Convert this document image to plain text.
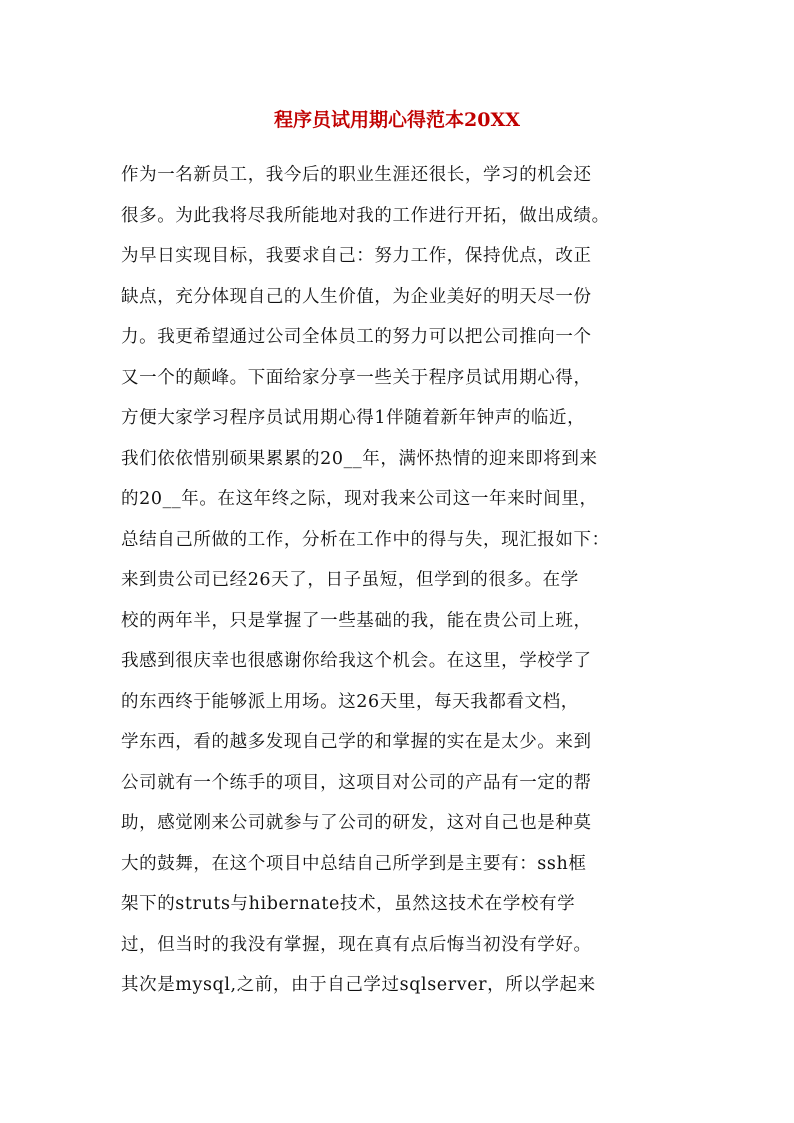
程序员试用期心得范本20XX
作为一名新员工，我今后的职业生涯还很长，学习的机会还
很多。为此我将尽我所能地对我的工作进行开拓，做出成绩。
为早日实现目标，我要求自己：努力工作，保持优点，改正
缺点，充分体现自己的人生价值，为企业美好的明天尽一份
力。我更希望通过公司全体员工的努力可以把公司推向一个
又一个的颠峰。下面给家分享一些关于程序员试用期心得，
方便大家学习程序员试用期心得1伴随着新年钟声的临近，
我们依依惜别硕果累累的20__年，满怀热情的迎来即将到来
的20__年。在这年终之际，现对我来公司这一年来时间里，
总结自己所做的工作，分析在工作中的得与失，现汇报如下：
来到贵公司已经26天了，日子虽短，但学到的很多。在学
校的两年半，只是掌握了一些基础的我，能在贵公司上班，
我感到很庆幸也很感谢你给我这个机会。在这里，学校学了
的东西终于能够派上用场。这26天里，每天我都看文档，
学东西，看的越多发现自己学的和掌握的实在是太少。来到
公司就有一个练手的项目，这项目对公司的产品有一定的帮
助，感觉刚来公司就参与了公司的研发，这对自己也是种莫
大的鼓舞，在这个项目中总结自己所学到是主要有：ssh框
架下的struts与hibernate技术，虽然这技术在学校有学
过，但当时的我没有掌握，现在真有点后悔当初没有学好。
其次是mysql,之前，由于自己学过sqlserver，所以学起来
